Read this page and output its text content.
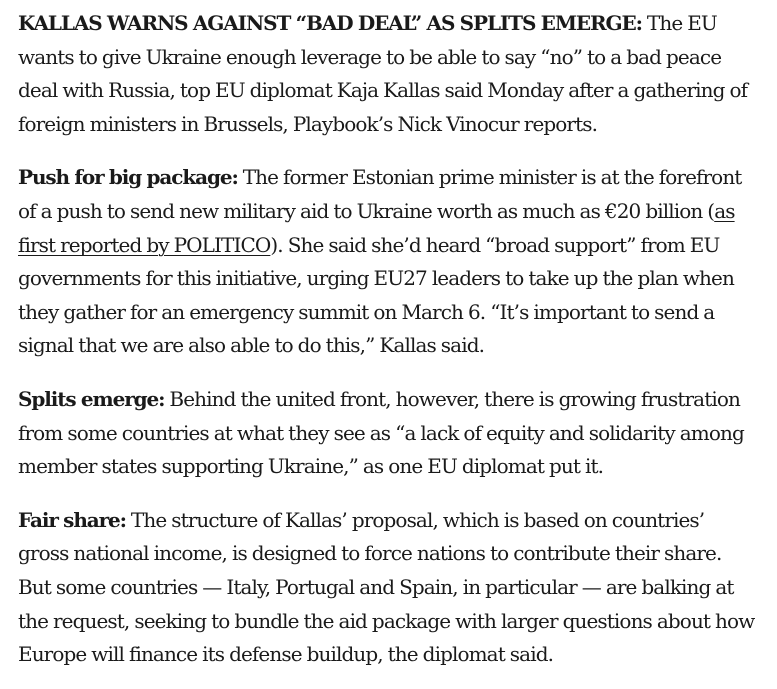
KALLAS WARNS AGAINST “BAD DEAL” AS SPLITS EMERGE: The EU wants to give Ukraine enough leverage to be able to say “no” to a bad peace deal with Russia, top EU diplomat Kaja Kallas said Monday after a gathering of foreign ministers in Brussels, Playbook’s Nick Vinocur reports.

Push for big package: The former Estonian prime minister is at the forefront of a push to send new military aid to Ukraine worth as much as €20 billion (as first reported by POLITICO). She said she’d heard “broad support” from EU governments for this initiative, urging EU27 leaders to take up the plan when they gather for an emergency summit on March 6. “It’s important to send a signal that we are also able to do this,” Kallas said.

Splits emerge: Behind the united front, however, there is growing frustration from some countries at what they see as “a lack of equity and solidarity among member states supporting Ukraine,” as one EU diplomat put it.

Fair share: The structure of Kallas’ proposal, which is based on countries’ gross national income, is designed to force nations to contribute their share. But some countries — Italy, Portugal and Spain, in particular — are balking at the request, seeking to bundle the aid package with larger questions about how Europe will finance its defense buildup, the diplomat said.
